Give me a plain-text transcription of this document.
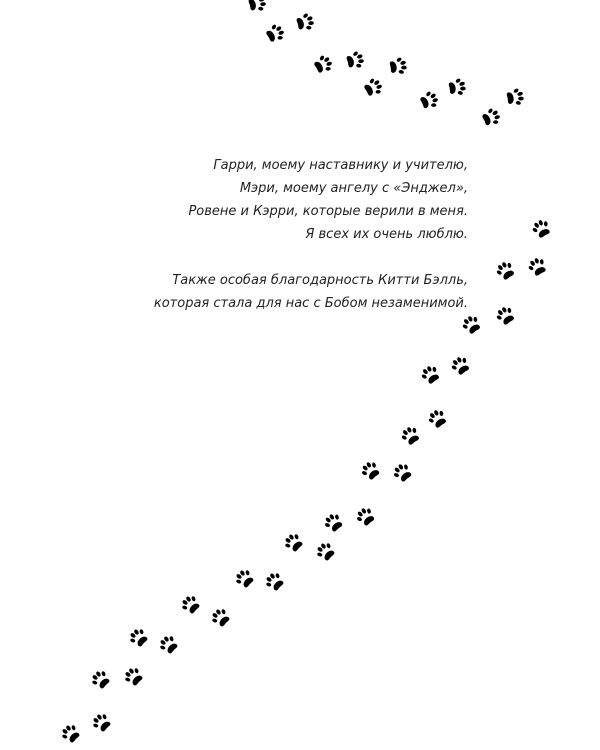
Гарри, моему наставнику и учителю,
Мэри, моему ангелу с «Энджел»,
Ровене и Кэрри, которые верили в меня.
Я всех их очень люблю.
Также особая благодарность Китти Бэлль,
которая стала для нас с Бобом незаменимой.
